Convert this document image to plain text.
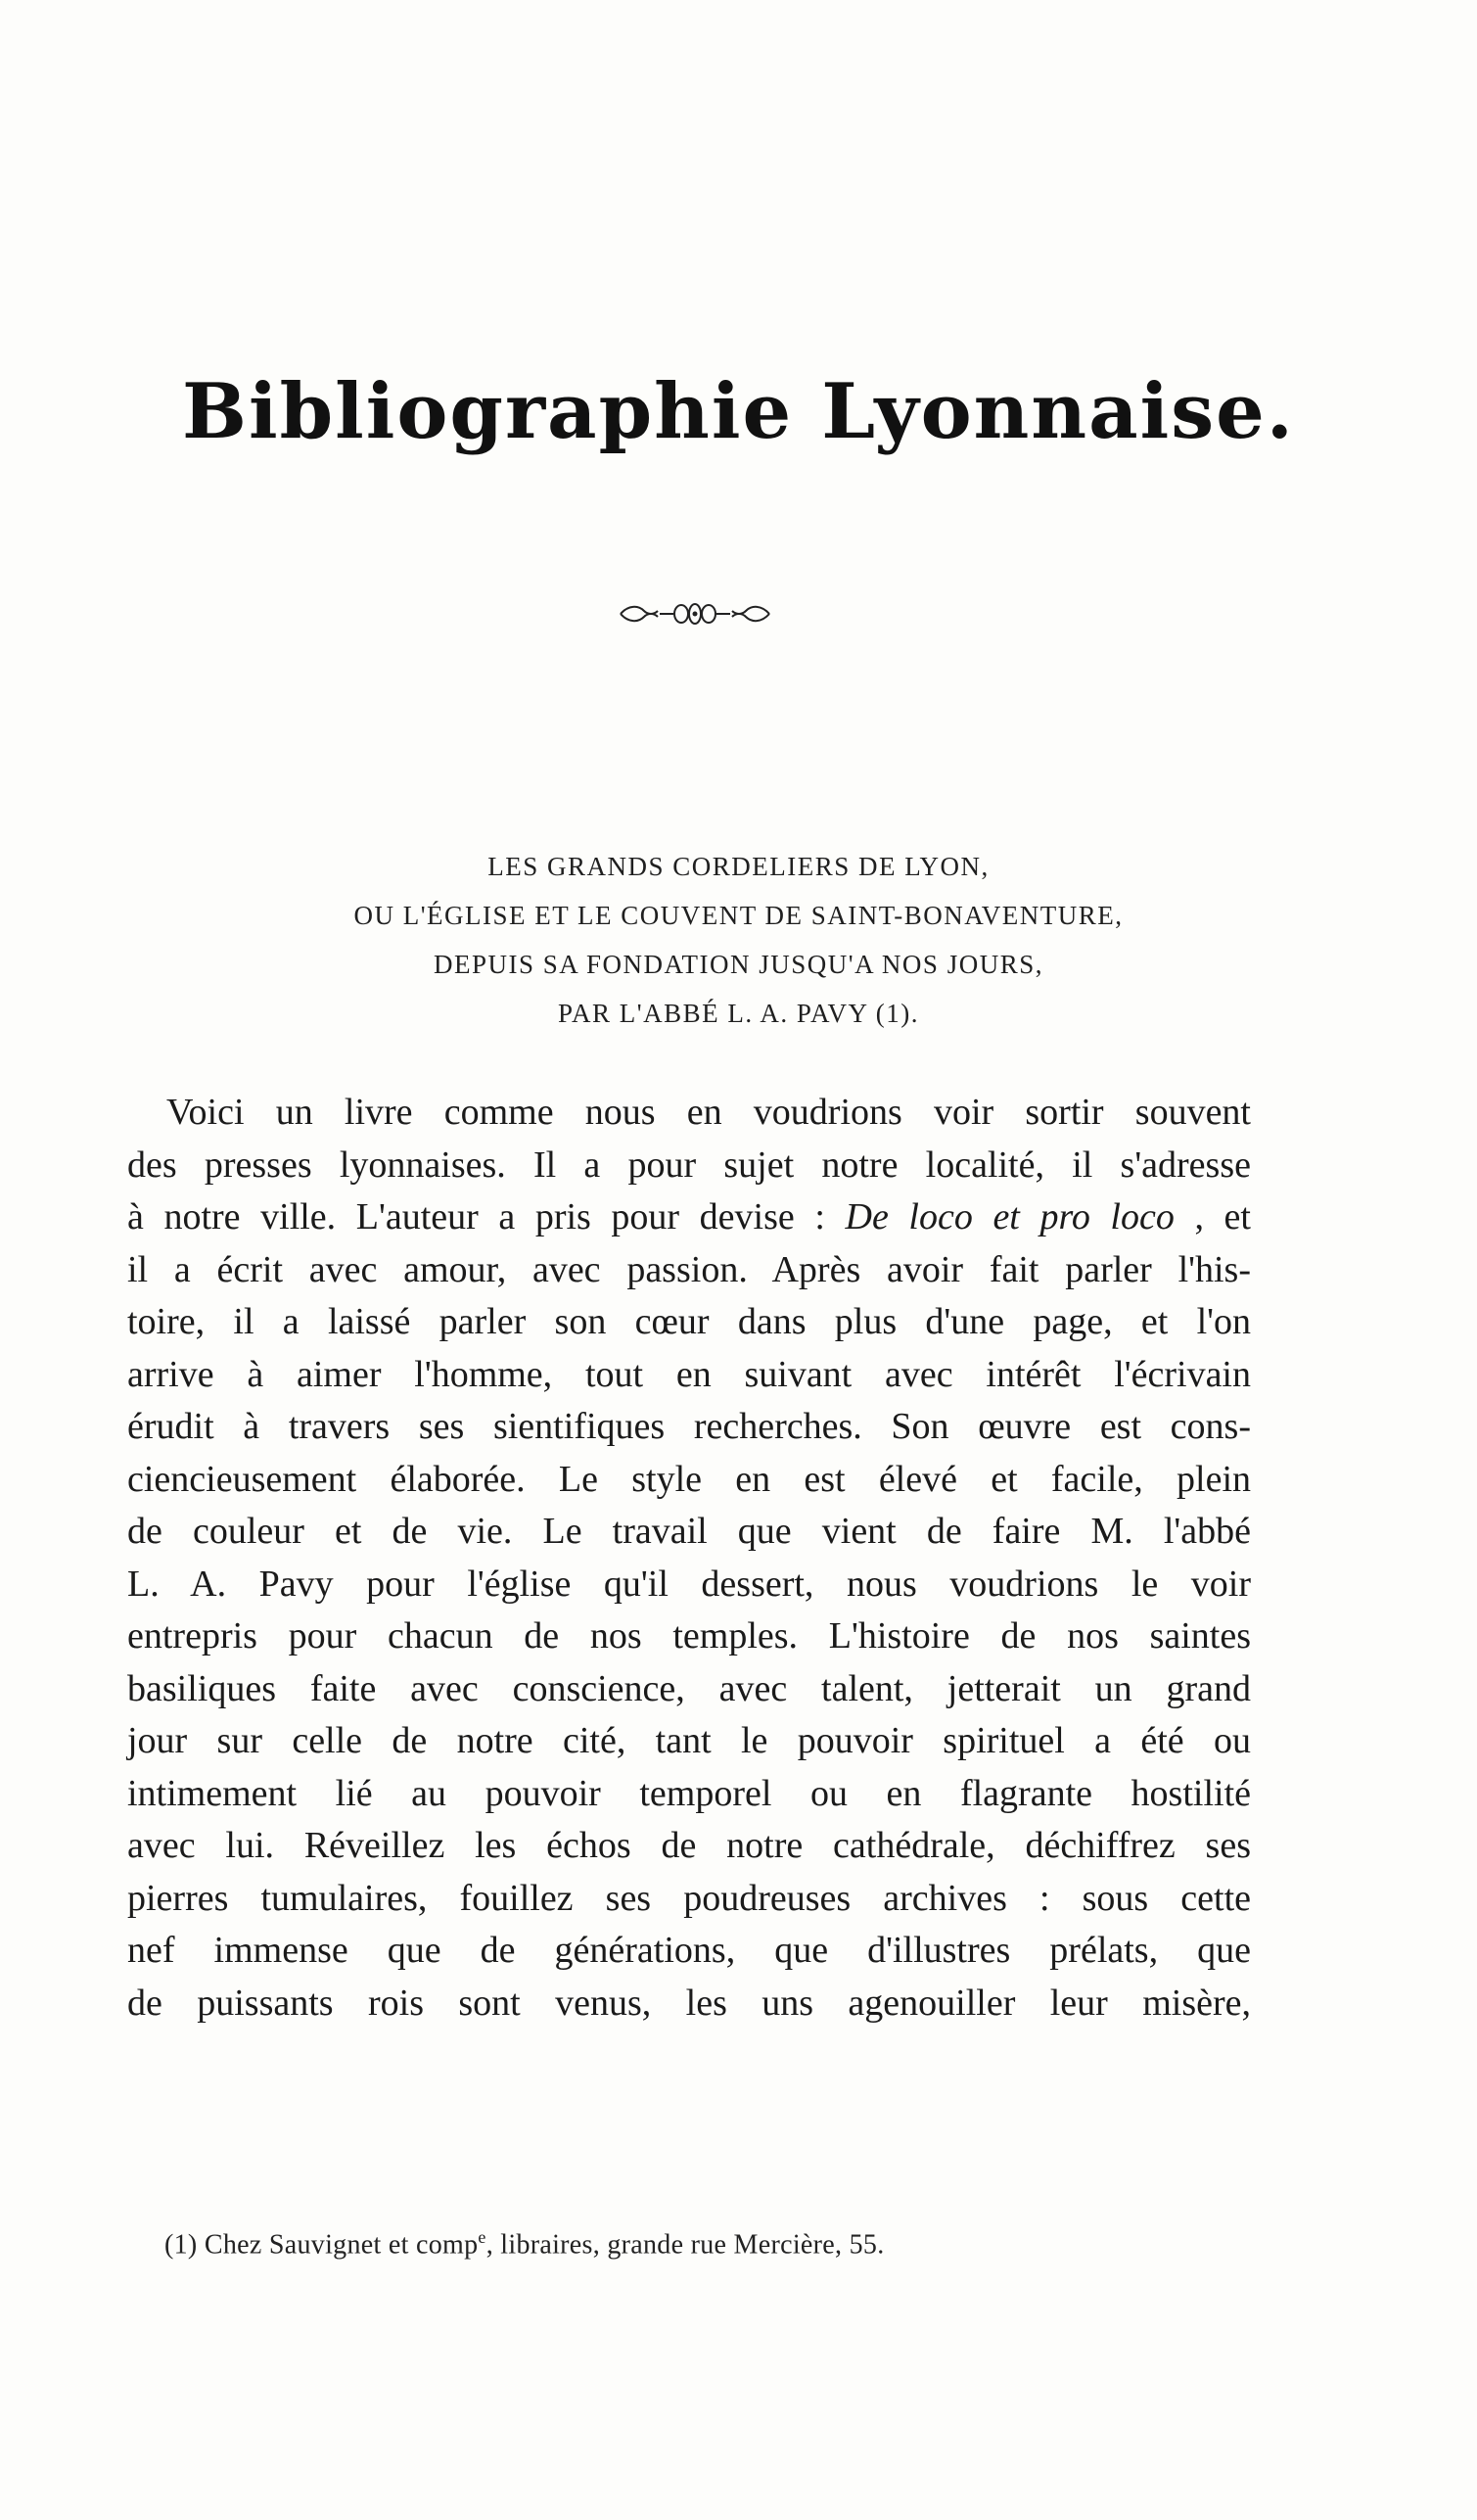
Bibliographie Lyonnaise.
LES GRANDS CORDELIERS DE LYON,
OU L'ÉGLISE ET LE COUVENT DE SAINT-BONAVENTURE,
DEPUIS SA FONDATION JUSQU'A NOS JOURS,
PAR L'ABBÉ L. A. PAVY (1).
Voici un livre comme nous en voudrions voir sortir souvent
des presses lyonnaises. Il a pour sujet notre localité, il s'adresse
à notre ville. L'auteur a pris pour devise : De loco et pro loco , et
il a écrit avec amour, avec passion. Après avoir fait parler l'his-
toire, il a laissé parler son cœur dans plus d'une page, et l'on
arrive à aimer l'homme, tout en suivant avec intérêt l'écrivain
érudit à travers ses sientifiques recherches. Son œuvre est cons-
ciencieusement élaborée. Le style en est élevé et facile, plein
de couleur et de vie. Le travail que vient de faire M. l'abbé
L. A. Pavy pour l'église qu'il dessert, nous voudrions le voir
entrepris pour chacun de nos temples. L'histoire de nos saintes
basiliques faite avec conscience, avec talent, jetterait un grand
jour sur celle de notre cité, tant le pouvoir spirituel a été ou
intimement lié au pouvoir temporel ou en flagrante hostilité
avec lui. Réveillez les échos de notre cathédrale, déchiffrez ses
pierres tumulaires, fouillez ses poudreuses archives : sous cette
nef immense que de générations, que d'illustres prélats, que
de puissants rois sont venus, les uns agenouiller leur misère,
(1) Chez Sauvignet et comp$^e$, libraires, grande rue Mercière, 55.
